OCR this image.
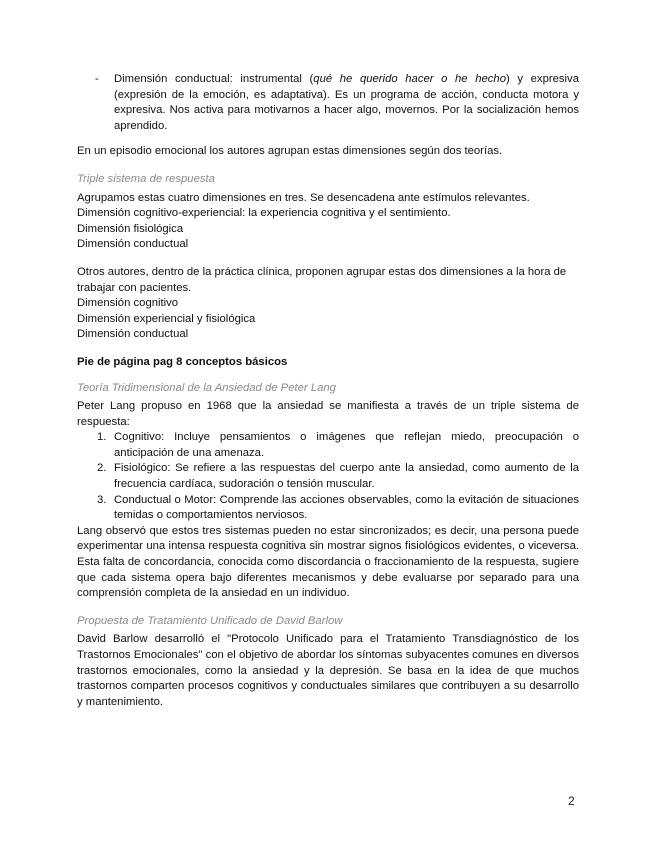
- Dimensión conductual: instrumental (qué he querido hacer o he hecho) y expresiva (expresión de la emoción, es adaptativa). Es un programa de acción, conducta motora y expresiva. Nos activa para motivarnos a hacer algo, movernos. Por la socialización hemos aprendido.

En un episodio emocional los autores agrupan estas dimensiones según dos teorías.

Triple sistema de respuesta

Agrupamos estas cuatro dimensiones en tres. Se desencadena ante estímulos relevantes.

Dimensión cognitivo-experiencial: la experiencia cognitiva y el sentimiento.

Dimensión fisiológica

Dimensión conductual

Otros autores, dentro de la práctica clínica, proponen agrupar estas dos dimensiones a la hora de trabajar con pacientes.

Dimensión cognitivo

Dimensión experiencial y fisiológica

Dimensión conductual

Pie de página pag 8 conceptos básicos

Teoría Tridimensional de la Ansiedad de Peter Lang

Peter Lang propuso en 1968 que la ansiedad se manifiesta a través de un triple sistema de respuesta:

1. Cognitivo: Incluye pensamientos o imágenes que reflejan miedo, preocupación o anticipación de una amenaza.
2. Fisiológico: Se refiere a las respuestas del cuerpo ante la ansiedad, como aumento de la frecuencia cardíaca, sudoración o tensión muscular.
3. Conductual o Motor: Comprende las acciones observables, como la evitación de situaciones temidas o comportamientos nerviosos.

Lang observó que estos tres sistemas pueden no estar sincronizados; es decir, una persona puede experimentar una intensa respuesta cognitiva sin mostrar signos fisiológicos evidentes, o viceversa. Esta falta de concordancia, conocida como discordancia o fraccionamiento de la respuesta, sugiere que cada sistema opera bajo diferentes mecanismos y debe evaluarse por separado para una comprensión completa de la ansiedad en un individuo.

Propuesta de Tratamiento Unificado de David Barlow

David Barlow desarrolló el "Protocolo Unificado para el Tratamiento Transdiagnóstico de los Trastornos Emocionales" con el objetivo de abordar los síntomas subyacentes comunes en diversos trastornos emocionales, como la ansiedad y la depresión. Se basa en la idea de que muchos trastornos comparten procesos cognitivos y conductuales similares que contribuyen a su desarrollo y mantenimiento.

2
